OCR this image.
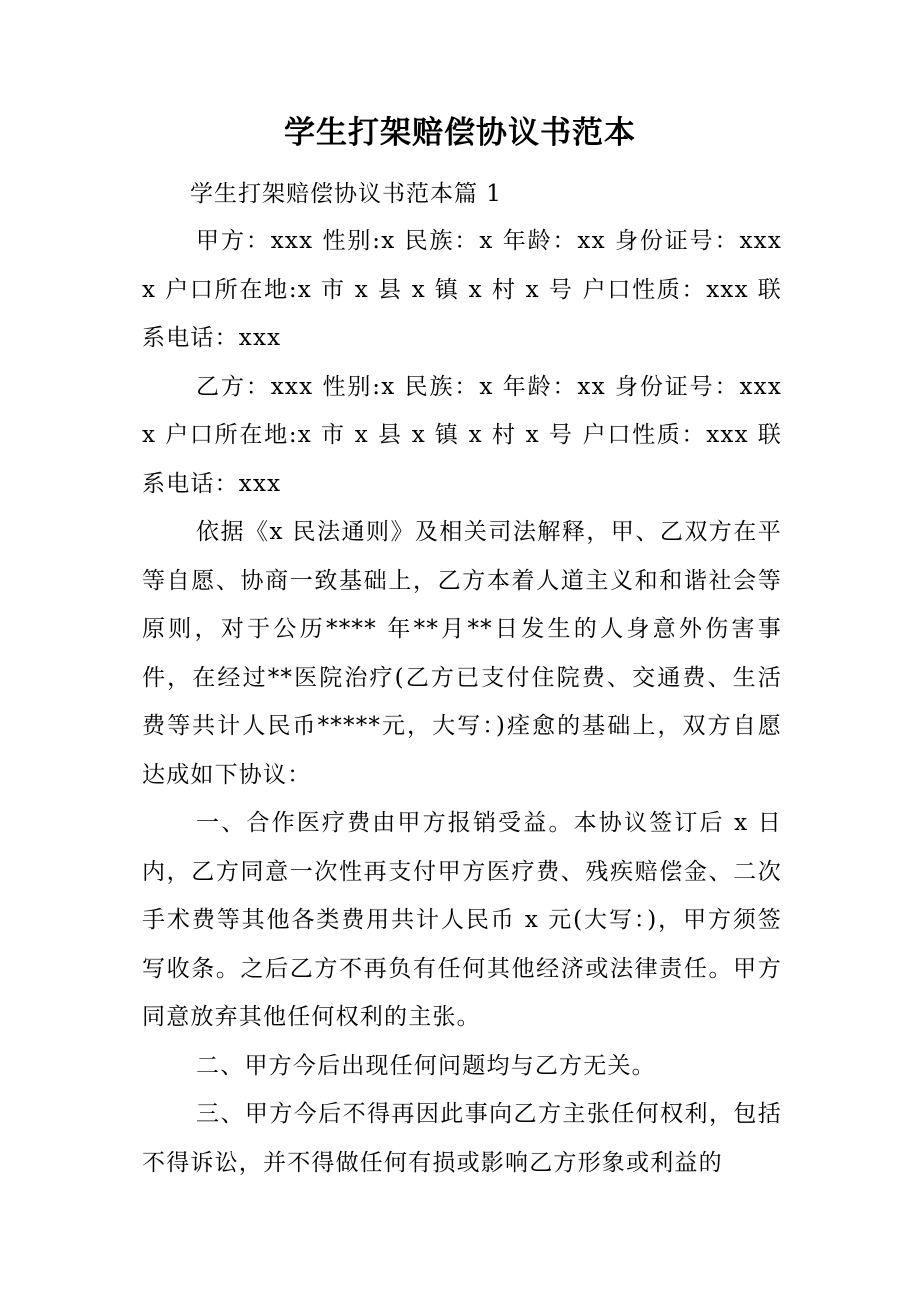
学生打架赔偿协议书范本

学生打架赔偿协议书范本篇 1

甲方：xxx 性别:x 民族：x 年龄：xx 身份证号：xxxx 户口所在地:x 市 x 县 x 镇 x 村 x 号 户口性质：xxx 联系电话：xxx

乙方：xxx 性别:x 民族：x 年龄：xx 身份证号：xxxx 户口所在地:x 市 x 县 x 镇 x 村 x 号 户口性质：xxx 联系电话：xxx

依据《x 民法通则》及相关司法解释，甲、乙双方在平等自愿、协商一致基础上，乙方本着人道主义和和谐社会等原则，对于公历**** 年**月**日发生的人身意外伤害事件，在经过**医院治疗(乙方已支付住院费、交通费、生活费等共计人民币*****元，大写：)痊愈的基础上，双方自愿达成如下协议：

一、合作医疗费由甲方报销受益。本协议签订后 x 日内，乙方同意一次性再支付甲方医疗费、残疾赔偿金、二次手术费等其他各类费用共计人民币 x 元(大写：)，甲方须签写收条。之后乙方不再负有任何其他经济或法律责任。甲方同意放弃其他任何权利的主张。

二、甲方今后出现任何问题均与乙方无关。

三、甲方今后不得再因此事向乙方主张任何权利，包括不得诉讼，并不得做任何有损或影响乙方形象或利益的
